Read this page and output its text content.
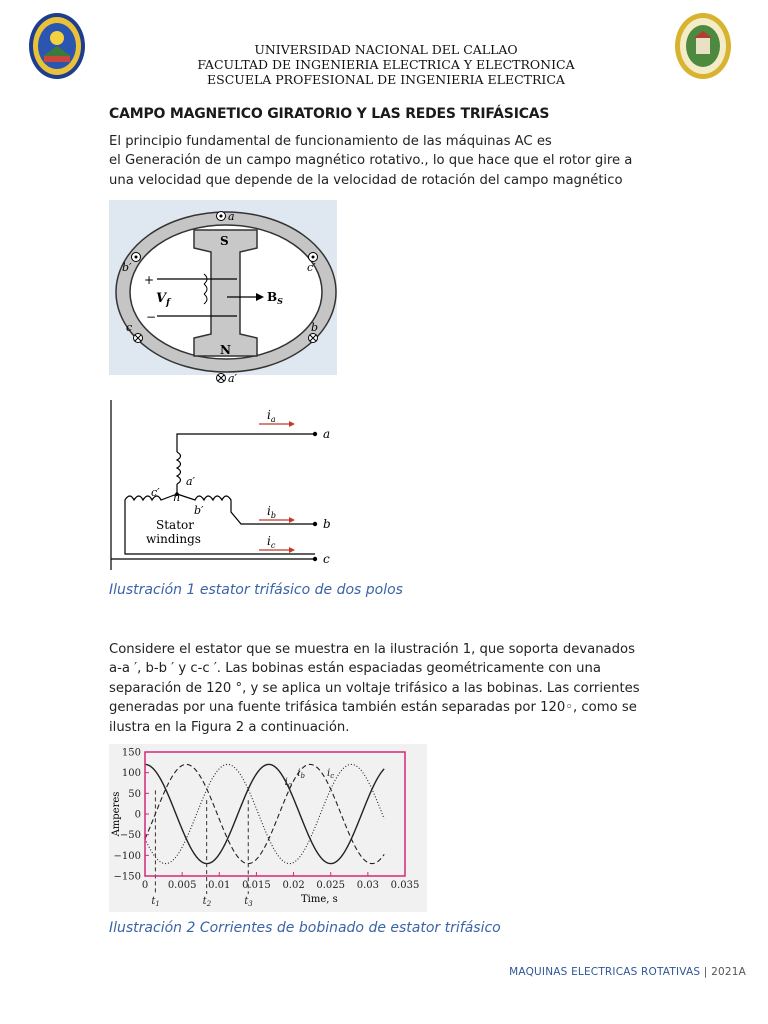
UNIVERSIDAD NACIONAL DEL CALLAO
FACULTAD DE INGENIERIA ELECTRICA Y ELECTRONICA
ESCUELA PROFESIONAL DE INGENIERIA ELECTRICA
CAMPO MAGNETICO GIRATORIO Y LAS REDES TRIFÁSICAS
El principio fundamental de funcionamiento de las máquinas AC es
el Generación de un campo magnético rotativo., lo que hace que el rotor gire a
una velocidad que depende de la velocidad de rotación del campo magnético
S
N
+
−
$V_f$	$B_S$
a
a′
b′	c′
c	b
$i_a$
$i_b$
$i_c$
a
b
c
a′
c′ n
b′
Stator
windings
Ilustración 1 estator trifásico de dos polos
Considere el estator que se muestra en la ilustración 1, que soporta devanados
a-a ′, b-b ′ y c-c ′. Las bobinas están espaciadas geométricamente con una
separación de 120 °, y se aplica un voltaje trifásico a las bobinas. Las corrientes
generadas por una fuente trifásica también están separadas por 120◦, como se
ilustra en la Figura 2 a continuación.
$t_1$	$t_2$	$t_3$
150
100
50
0
−50
−100
−150
0 0.005 0.01 0.015 0.02 0.025 0.03 0.035
Amperes
Time, s
$i_a$
$i_b$ $i_c$
Ilustración 2 Corrientes de bobinado de estator trifásico
MAQUINAS ELECTRICAS ROTATIVAS | 2021A
